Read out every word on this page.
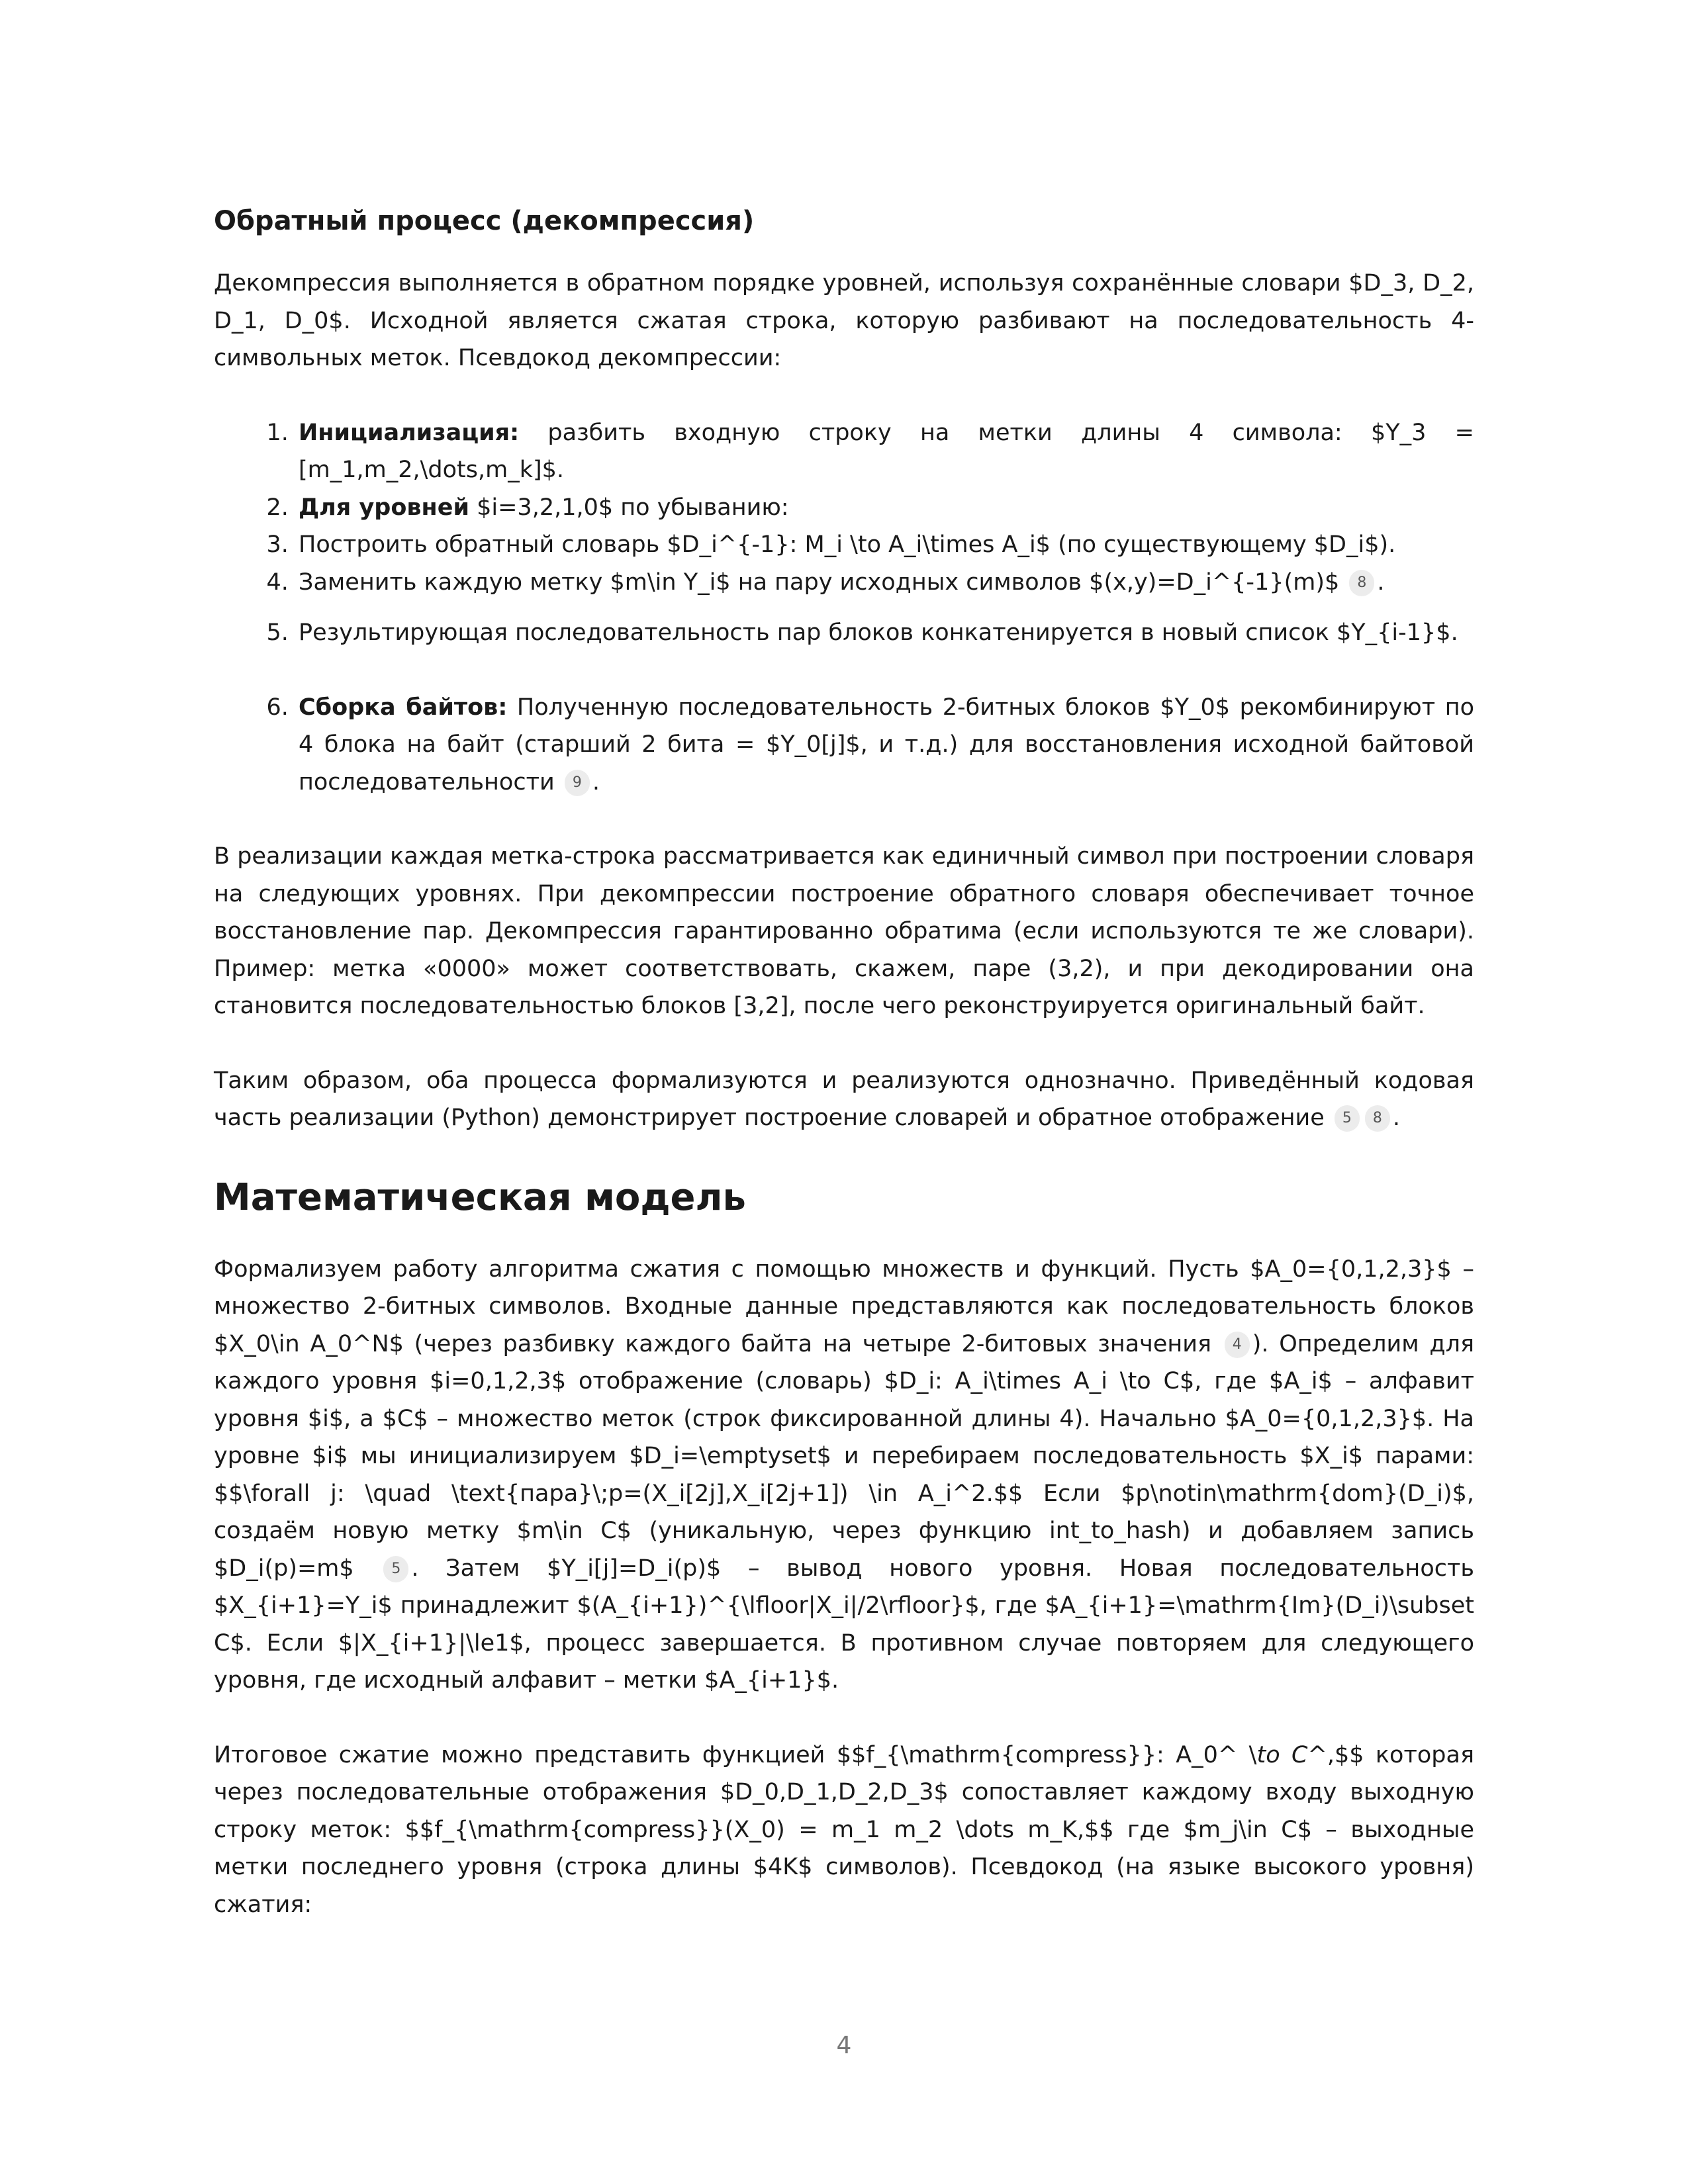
Обратный процесс (декомпрессия)

Декомпрессия выполняется в обратном порядке уровней, используя сохранённые словари $D_3, D_2, D_1, D_0$. Исходной является сжатая строка, которую разбивают на последовательность 4-символьных меток. Псевдокод декомпрессии:

1. Инициализация: разбить входную строку на метки длины 4 символа: $Y_3 = [m_1,m_2,\dots,m_k]$.
2. Для уровней $i=3,2,1,0$ по убыванию:
3. Построить обратный словарь $D_i^{-1}: M_i \to A_i\times A_i$ (по существующему $D_i$).
4. Заменить каждую метку $m\in Y_i$ на пару исходных символов $(x,y)=D_i^{-1}(m)$ 8 .
5. Результирующая последовательность пар блоков конкатенируется в новый список $Y_{i-1}$.
6. Сборка байтов: Полученную последовательность 2-битных блоков $Y_0$ рекомбинируют по 4 блока на байт (старший 2 бита = $Y_0[j]$, и т.д.) для восстановления исходной байтовой последовательности 9 .

В реализации каждая метка-строка рассматривается как единичный символ при построении словаря на следующих уровнях. При декомпрессии построение обратного словаря обеспечивает точное восстановление пар. Декомпрессия гарантированно обратима (если используются те же словари). Пример: метка «0000» может соответствовать, скажем, паре (3,2), и при декодировании она становится последовательностью блоков [3,2], после чего реконструируется оригинальный байт.

Таким образом, оба процесса формализуются и реализуются однозначно. Приведённый кодовая часть реализации (Python) демонстрирует построение словарей и обратное отображение 5 8 .

Математическая модель

Формализуем работу алгоритма сжатия с помощью множеств и функций. Пусть $A_0={0,1,2,3}$ – множество 2-битных символов. Входные данные представляются как последовательность блоков $X_0\in A_0^N$ (через разбивку каждого байта на четыре 2-битовых значения 4 ). Определим для каждого уровня $i=0,1,2,3$ отображение (словарь) $D_i: A_i\times A_i \to C$, где $A_i$ – алфавит уровня $i$, а $C$ – множество меток (строк фиксированной длины 4). Начально $A_0={0,1,2,3}$. На уровне $i$ мы инициализируем $D_i=\emptyset$ и перебираем последовательность $X_i$ парами: $$\forall j: \quad \text{пара}\;p=(X_i[2j],X_i[2j+1]) \in A_i^2.$$ Если $p\notin\mathrm{dom}(D_i)$, создаём новую метку $m\in C$ (уникальную, через функцию int_to_hash) и добавляем запись $D_i(p)=m$	5 . Затем $Y_i[j]=D_i(p)$ – вывод нового уровня. Новая последовательность $X_{i+1}=Y_i$ принадлежит $(A_{i+1})^{\lfloor|X_i|/2\rfloor}$, где $A_{i+1}=\mathrm{Im}(D_i)\subset C$. Если $|X_{i+1}|\le1$, процесс завершается. В противном случае повторяем для следующего уровня, где исходный алфавит – метки $A_{i+1}$.

Итоговое сжатие можно представить функцией $$f_{\mathrm{compress}}: A_0^ \to C^,$$ которая через последовательные отображения $D_0,D_1,D_2,D_3$ сопоставляет каждому входу выходную строку меток: $$f_{\mathrm{compress}}(X_0) = m_1 m_2 \dots m_K,$$ где $m_j\in C$ – выходные метки последнего уровня (строка длины $4K$ символов). Псевдокод (на языке высокого уровня) сжатия:

4
